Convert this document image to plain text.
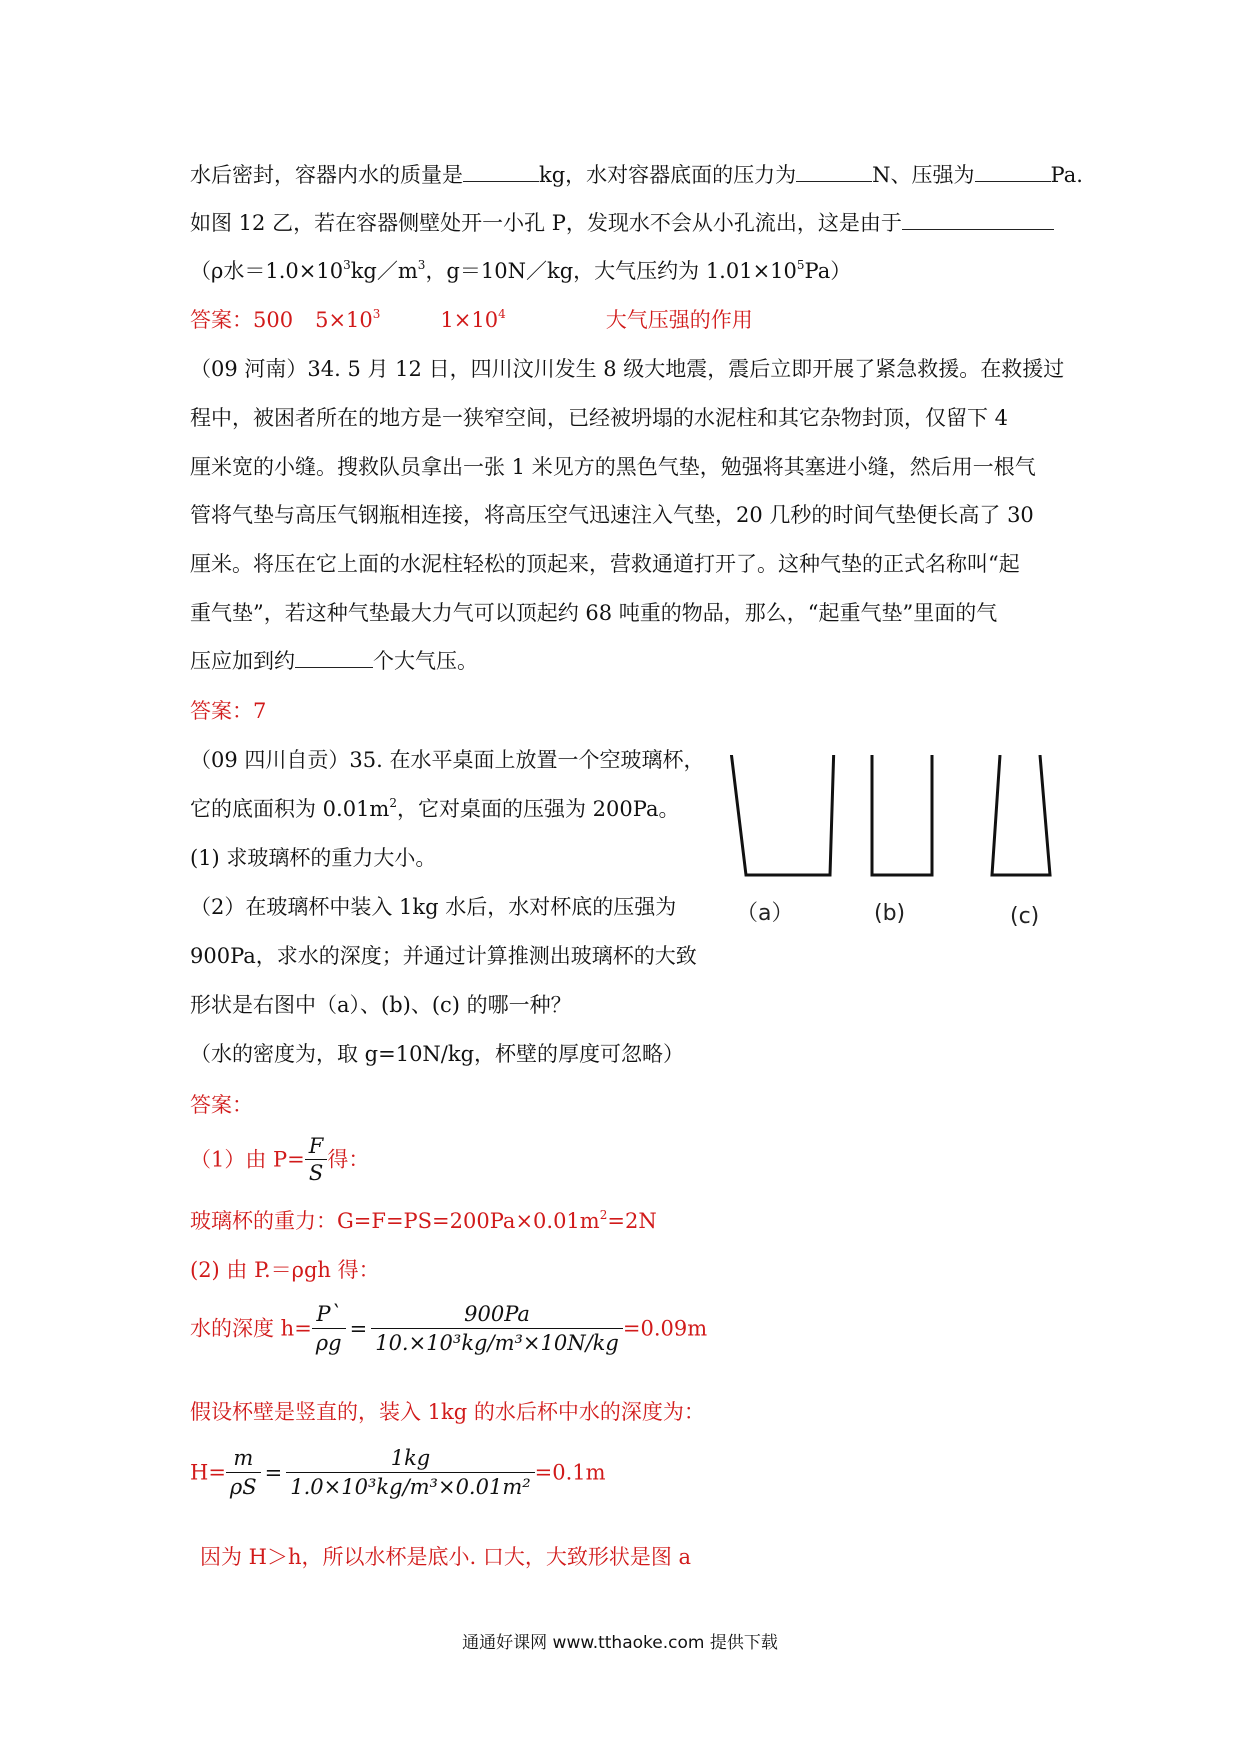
水后密封，容器内水的质量是	kg，水对容器底面的压力为	N、压强为	Pa.
如图 12 乙，若在容器侧壁处开一小孔 P，发现水不会从小孔流出，这是由于
（ρ水$=1.0\times 10^3kg/m^3$，g＝10N／kg，大气压约为 $1.01\times 10^5Pa$）
答案：500 $5\times 10^3$	$1\times 10^4$	大气压强的作用
（09 河南）34. 5 月 12 日，四川汶川发生 8 级大地震，震后立即开展了紧急救援。在救援过
程中，被困者所在的地方是一狭窄空间，已经被坍塌的水泥柱和其它杂物封顶，仅留下 4
厘米宽的小缝。搜救队员拿出一张 1 米见方的黑色气垫，勉强将其塞进小缝，然后用一根气
管将气垫与高压气钢瓶相连接，将高压空气迅速注入气垫，20 几秒的时间气垫便长高了 30
厘米。将压在它上面的水泥柱轻松的顶起来，营救通道打开了。这种气垫的正式名称叫“起
重气垫”，若这种气垫最大力气可以顶起约 68 吨重的物品，那么，“起重气垫”里面的气
压应加到约	个大气压。
答案：7
（09 四川自贡）35. 在水平桌面上放置一个空玻璃杯，
它的底面积为 $0.01m^2$，它对桌面的压强为 200Pa。
(1) 求玻璃杯的重力大小。
（2）在玻璃杯中装入 1kg 水后，水对杯底的压强为
900Pa，求水的深度；并通过计算推测出玻璃杯的大致
形状是右图中（a）、(b)、(c) 的哪一种？
（水的密度为，取 g=10N/kg，杯壁的厚度可忽略）
答案：
（1）由 $P= \frac{F}{S}$ 得：
玻璃杯的重力：$G=F=PS=200Pa\times 0.01m^2=2N$
(2) 由 P.＝ρgh 得：
水的深度 $h= \frac{P`}{\rho g} = \frac{900Pa}{\text{10.×10³kg/m³×10N/kg}} =0.09m$
假设杯壁是竖直的，装入 1kg 的水后杯中水的深度为：
$H= \frac{m}{\rho S} = \frac{1kg}{\text{1.0×10³kg/m³×0.01m²}} =0.1m$
因为 H＞h，所以水杯是底小. 口大，大致形状是图 a
（a）	(b)	(c)
通通好课网 www.tthaoke.com 提供下载
